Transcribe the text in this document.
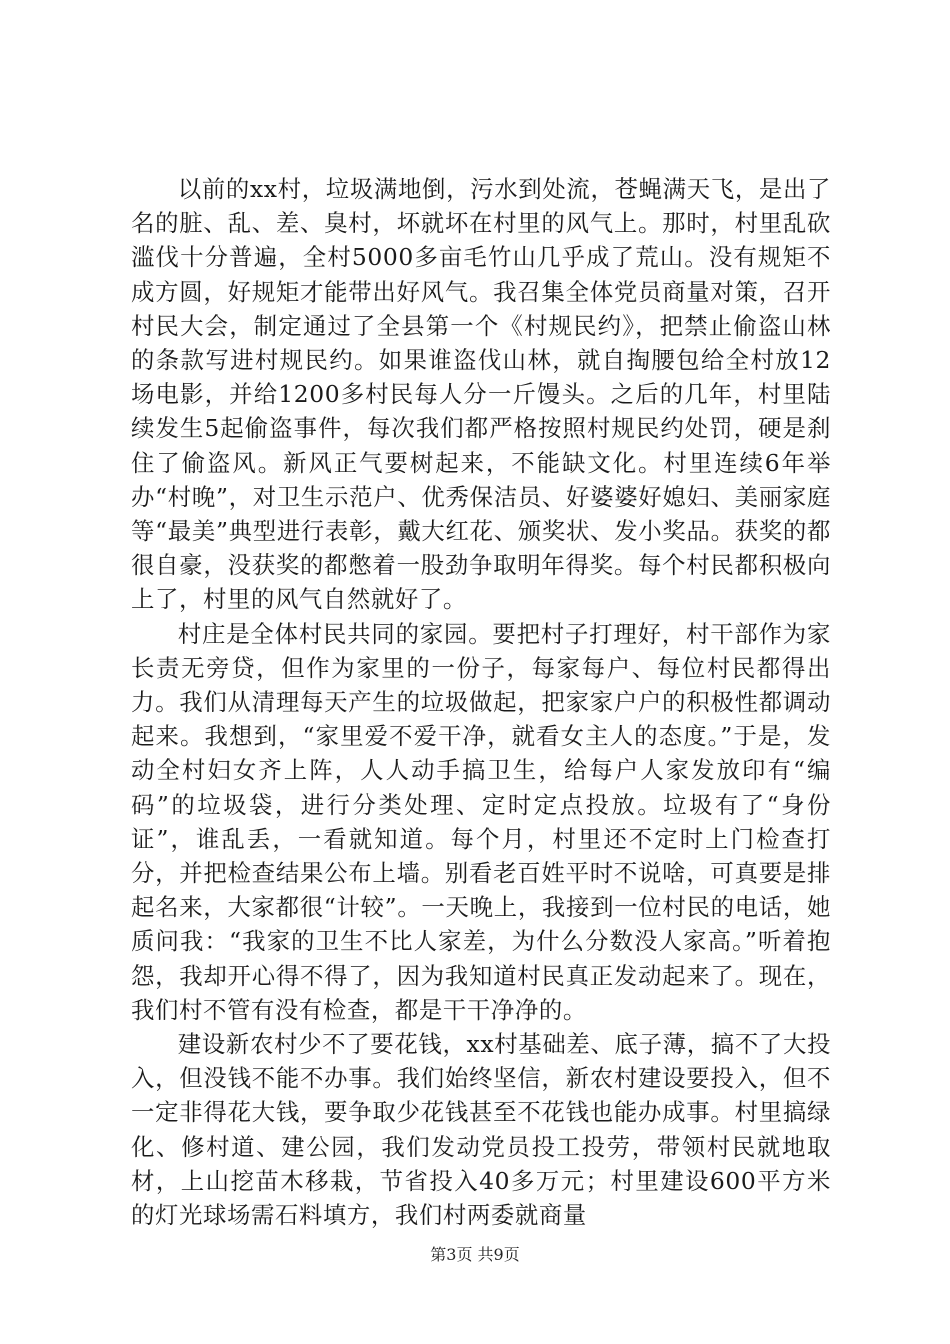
以前的xx村，垃圾满地倒，污水到处流，苍蝇满天飞，是出了名的脏、乱、差、臭村，坏就坏在村里的风气上。那时，村里乱砍滥伐十分普遍，全村5000多亩毛竹山几乎成了荒山。没有规矩不成方圆，好规矩才能带出好风气。我召集全体党员商量对策，召开村民大会，制定通过了全县第一个《村规民约》，把禁止偷盗山林的条款写进村规民约。如果谁盗伐山林，就自掏腰包给全村放12场电影，并给1200多村民每人分一斤馒头。之后的几年，村里陆续发生5起偷盗事件，每次我们都严格按照村规民约处罚，硬是刹住了偷盗风。新风正气要树起来，不能缺文化。村里连续6年举办“村晚”，对卫生示范户、优秀保洁员、好婆婆好媳妇、美丽家庭等“最美”典型进行表彰，戴大红花、颁奖状、发小奖品。获奖的都很自豪，没获奖的都憋着一股劲争取明年得奖。每个村民都积极向上了，村里的风气自然就好了。

村庄是全体村民共同的家园。要把村子打理好，村干部作为家长责无旁贷，但作为家里的一份子，每家每户、每位村民都得出力。我们从清理每天产生的垃圾做起，把家家户户的积极性都调动起来。我想到，“家里爱不爱干净，就看女主人的态度。”于是，发动全村妇女齐上阵，人人动手搞卫生，给每户人家发放印有“编码”的垃圾袋，进行分类处理、定时定点投放。垃圾有了“身份证”，谁乱丢，一看就知道。每个月，村里还不定时上门检查打分，并把检查结果公布上墙。别看老百姓平时不说啥，可真要是排起名来，大家都很“计较”。一天晚上，我接到一位村民的电话，她质问我：“我家的卫生不比人家差，为什么分数没人家高。”听着抱怨，我却开心得不得了，因为我知道村民真正发动起来了。现在，我们村不管有没有检查，都是干干净净的。

建设新农村少不了要花钱，xx村基础差、底子薄，搞不了大投入，但没钱不能不办事。我们始终坚信，新农村建设要投入，但不一定非得花大钱，要争取少花钱甚至不花钱也能办成事。村里搞绿化、修村道、建公园，我们发动党员投工投劳，带领村民就地取材，上山挖苗木移栽，节省投入40多万元；村里建设600平方米的灯光球场需石料填方，我们村两委就商量

第3页 共9页
